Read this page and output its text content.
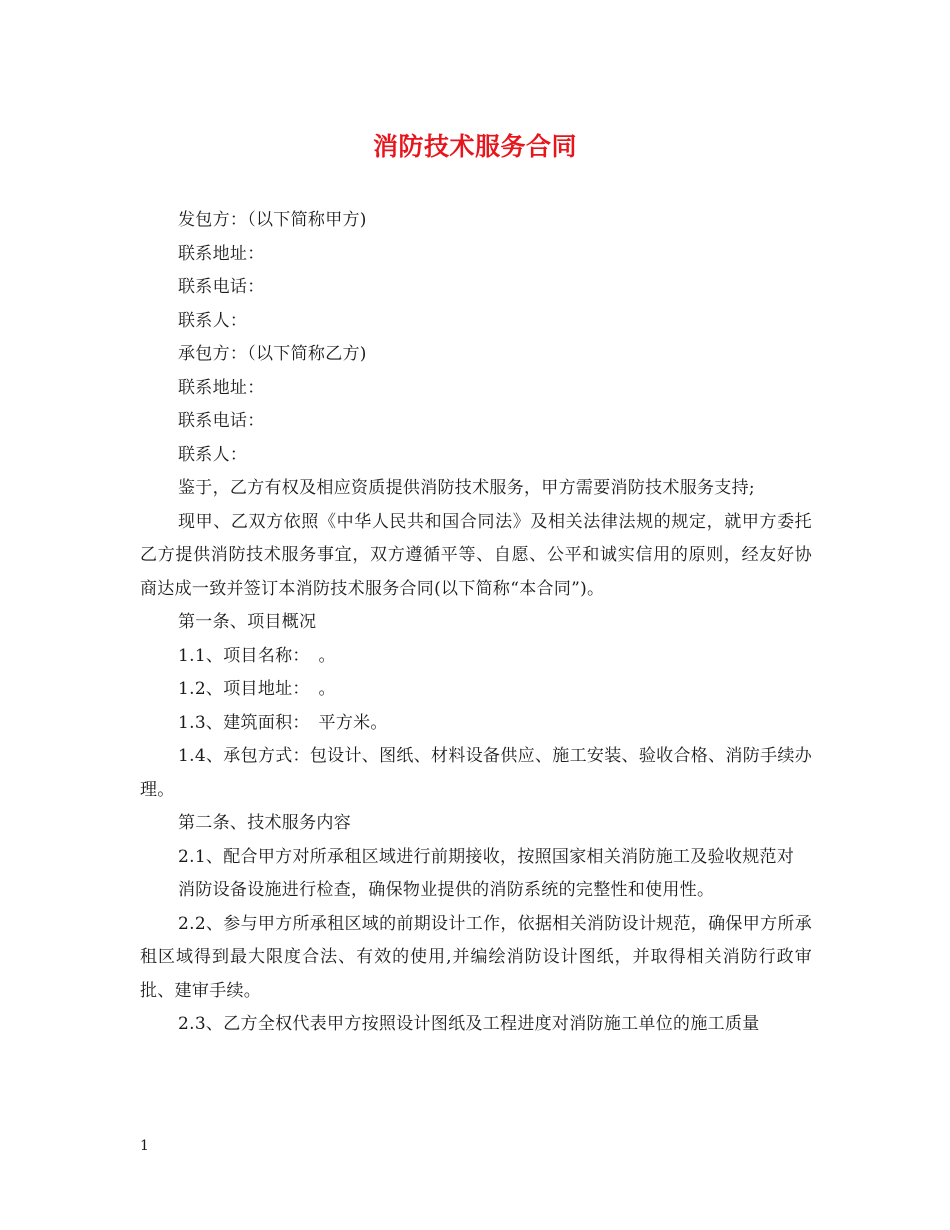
消防技术服务合同

发包方：（以下简称甲方)

联系地址：

联系电话：

联系人：

承包方：（以下简称乙方)

联系地址：

联系电话：

联系人：

鉴于，乙方有权及相应资质提供消防技术服务，甲方需要消防技术服务支持;

现甲、乙双方依照《中华人民共和国合同法》及相关法律法规的规定，就甲方委托乙方提供消防技术服务事宜，双方遵循平等、自愿、公平和诚实信用的原则，经友好协商达成一致并签订本消防技术服务合同(以下简称“本合同”)。

第一条、项目概况

1.1、项目名称：　。

1.2、项目地址：　。

1.3、建筑面积：　平方米。

1.4、承包方式：包设计、图纸、材料设备供应、施工安装、验收合格、消防手续办理。

第二条、技术服务内容

2.1、配合甲方对所承租区域进行前期接收，按照国家相关消防施工及验收规范对

消防设备设施进行检查，确保物业提供的消防系统的完整性和使用性。

2.2、参与甲方所承租区域的前期设计工作，依据相关消防设计规范，确保甲方所承租区域得到最大限度合法、有效的使用,并编绘消防设计图纸，并取得相关消防行政审批、建审手续。

2.3、乙方全权代表甲方按照设计图纸及工程进度对消防施工单位的施工质量

1
